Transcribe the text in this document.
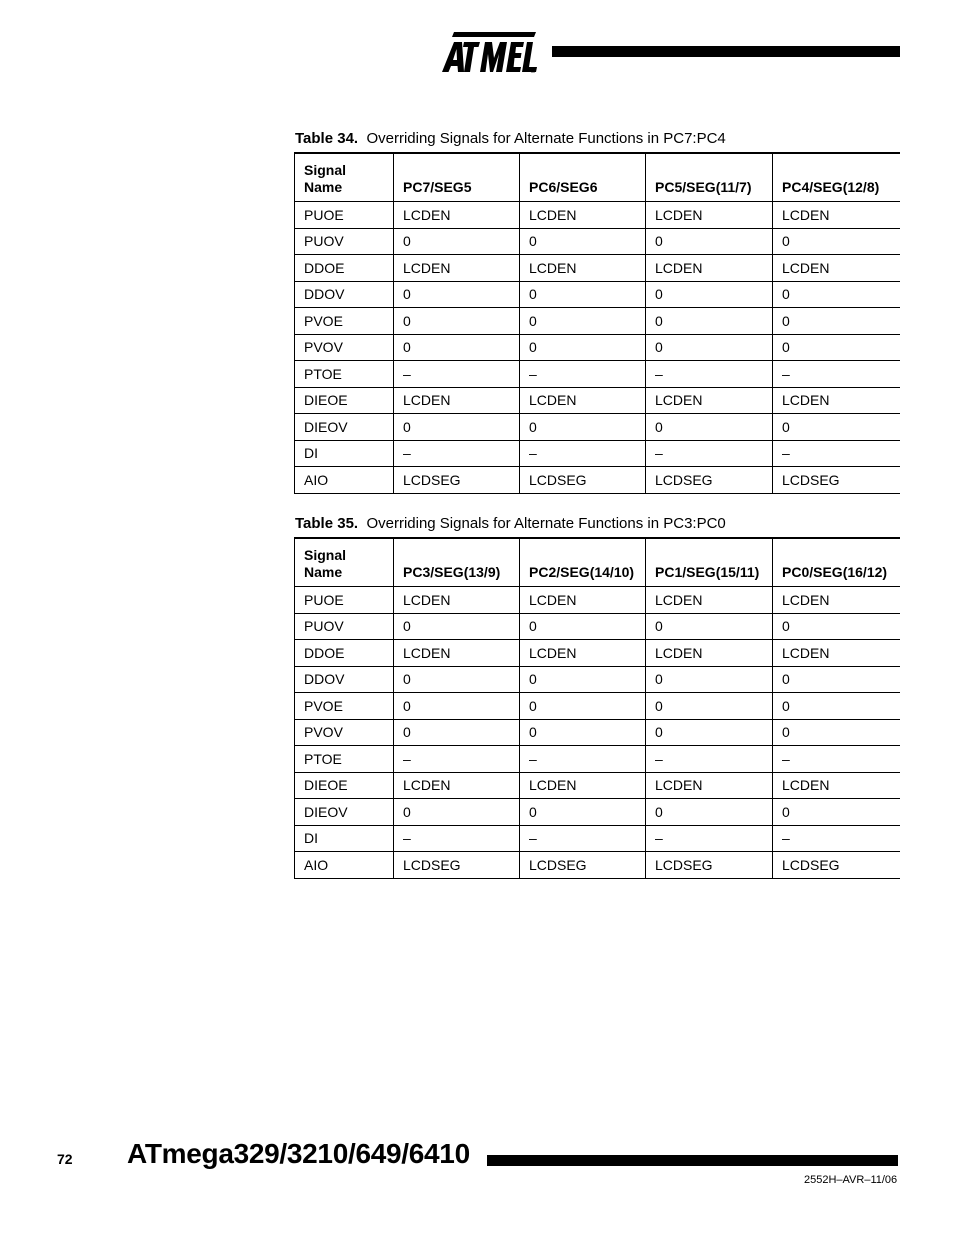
®
Table 34. Overriding Signals for Alternate Functions in PC7:PC4
Signal
Name	PC7/SEG5	PC6/SEG6	PC5/SEG(11/7)	PC4/SEG(12/8)
PUOE	LCDEN	LCDEN	LCDEN	LCDEN
PUOV	0	0	0	0
DDOE	LCDEN	LCDEN	LCDEN	LCDEN
DDOV	0	0	0	0
PVOE	0	0	0	0
PVOV	0	0	0	0
PTOE	–	–	–	–
DIEOE	LCDEN	LCDEN	LCDEN	LCDEN
DIEOV	0	0	0	0
DI	–	–	–	–
AIO	LCDSEG	LCDSEG	LCDSEG	LCDSEG
Table 35. Overriding Signals for Alternate Functions in PC3:PC0
Signal
Name	PC3/SEG(13/9)	PC2/SEG(14/10)	PC1/SEG(15/11)	PC0/SEG(16/12)
PUOE	LCDEN	LCDEN	LCDEN	LCDEN
PUOV	0	0	0	0
DDOE	LCDEN	LCDEN	LCDEN	LCDEN
DDOV	0	0	0	0
PVOE	0	0	0	0
PVOV	0	0	0	0
PTOE	–	–	–	–
DIEOE	LCDEN	LCDEN	LCDEN	LCDEN
DIEOV	0	0	0	0
DI	–	–	–	–
AIO	LCDSEG	LCDSEG	LCDSEG	LCDSEG
72 ATmega329/3210/649/6410
2552H–AVR–11/06
